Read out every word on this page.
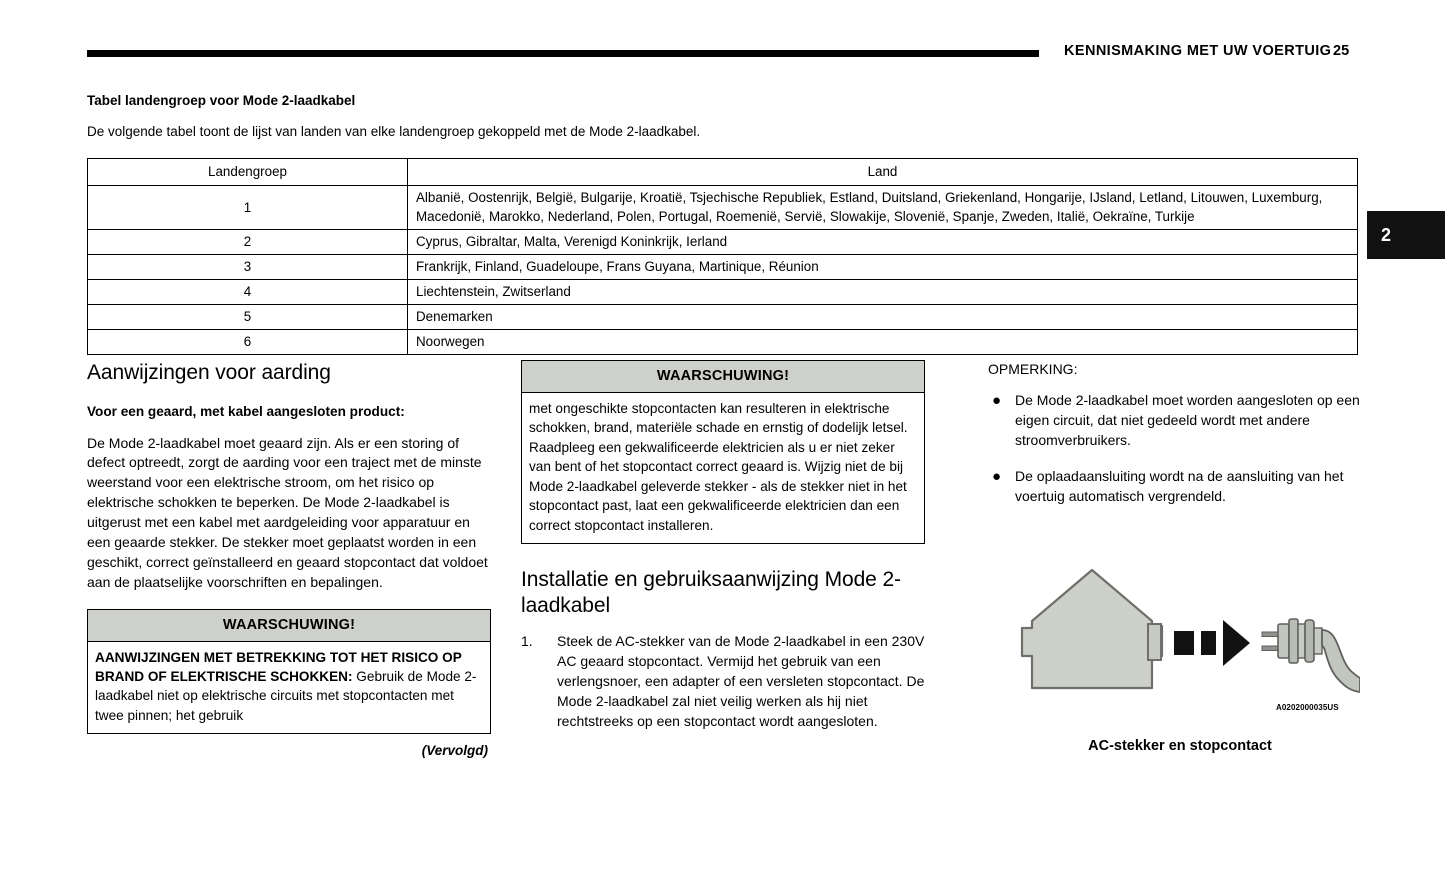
KENNISMAKING MET UW VOERTUIG 25
2

Tabel landengroep voor Mode 2-laadkabel

De volgende tabel toont de lijst van landen van elke landengroep gekoppeld met de Mode 2-laadkabel.

Landengroep	Land
1	Albanië, Oostenrijk, België, Bulgarije, Kroatië, Tsjechische Republiek, Estland, Duitsland, Griekenland, Hongarije, IJsland, Letland, Litouwen, Luxemburg, Macedonië, Marokko, Nederland, Polen, Portugal, Roemenië, Servië, Slowakije, Slovenië, Spanje, Zweden, Italië, Oekraïne, Turkije
2	Cyprus, Gibraltar, Malta, Verenigd Koninkrijk, Ierland
3	Frankrijk, Finland, Guadeloupe, Frans Guyana, Martinique, Réunion
4	Liechtenstein, Zwitserland
5	Denemarken
6	Noorwegen
Aanwijzingen voor aarding

Voor een geaard, met kabel aangesloten product:

De Mode 2-laadkabel moet geaard zijn. Als er een storing of defect optreedt, zorgt de aarding voor een traject met de minste weerstand voor een elektrische stroom, om het risico op elektrische schokken te beperken. De Mode 2-laadkabel is uitgerust met een kabel met aardgeleiding voor apparatuur en een geaarde stekker. De stekker moet geplaatst worden in een geschikt, correct geïnstalleerd en geaard stopcontact dat voldoet aan de plaatselijke voorschriften en bepalingen.

WAARSCHUWING!
AANWIJZINGEN MET BETREKKING TOT HET RISICO OP BRAND OF ELEKTRISCHE SCHOKKEN: Gebruik de Mode 2-laadkabel niet op elektrische circuits met stopcontacten met twee pinnen; het gebruik
(Vervolgd)
WAARSCHUWING!
met ongeschikte stopcontacten kan resulteren in elektrische schokken, brand, materiële schade en ernstig of dodelijk letsel. Raadpleeg een gekwalificeerde elektricien als u er niet zeker van bent of het stopcontact correct geaard is. Wijzig niet de bij Mode 2-laadkabel geleverde stekker - als de stekker niet in het stopcontact past, laat een gekwalificeerde elektricien dan een correct stopcontact installeren.
Installatie en gebruiksaanwijzing Mode 2-laadkabel
1. Steek de AC-stekker van de Mode 2-laadkabel in een 230V AC geaard stopcontact. Vermijd het gebruik van een verlengsnoer, een adapter of een versleten stopcontact. De Mode 2-laadkabel zal niet veilig werken als hij niet rechtstreeks op een stopcontact wordt aangesloten.

OPMERKING:

● De Mode 2-laadkabel moet worden aangesloten op een eigen circuit, dat niet gedeeld wordt met andere stroomverbruikers.
● De oplaadaansluiting wordt na de aansluiting van het voertuig automatisch vergrendeld.
A0202000035US
AC-stekker en stopcontact
